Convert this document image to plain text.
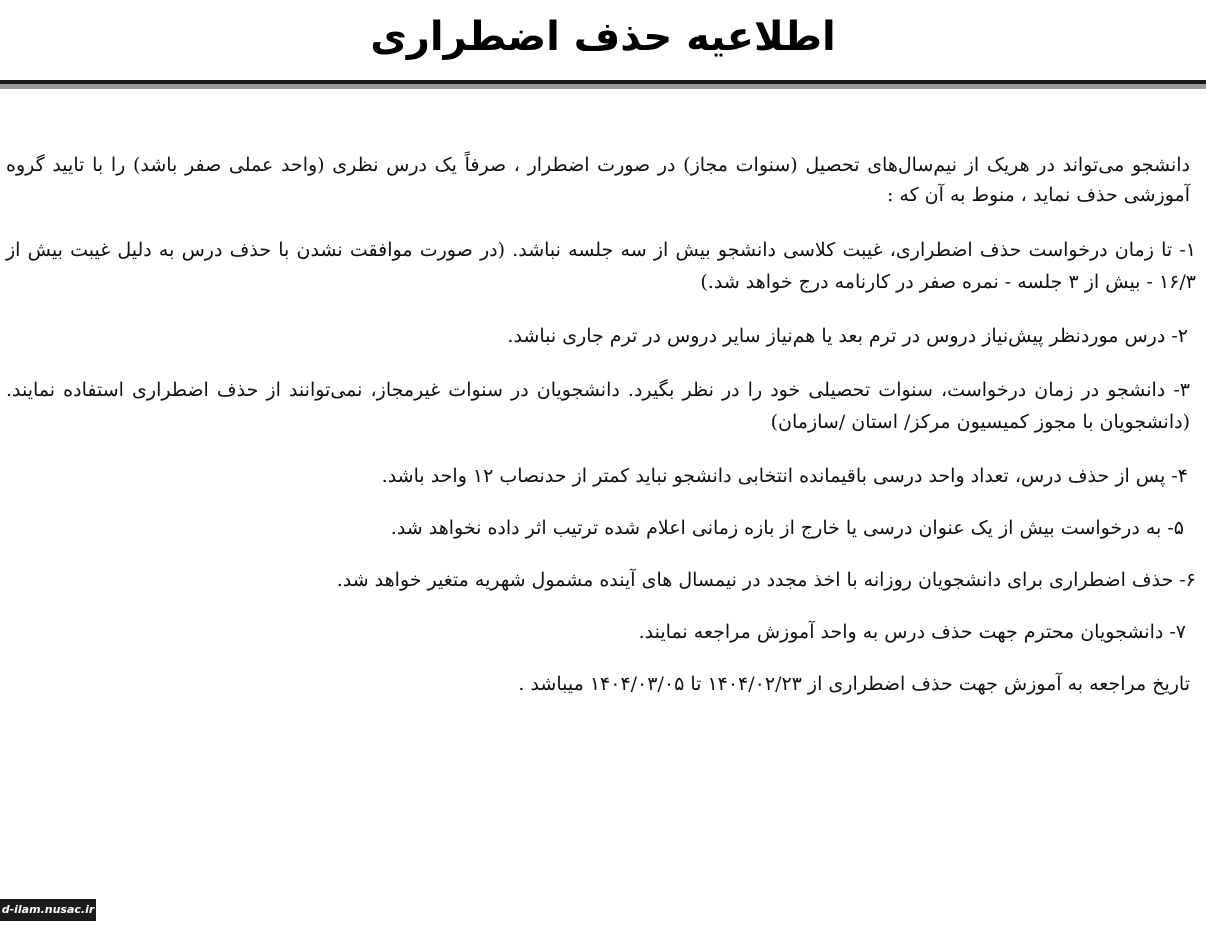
اطلاعیه حذف اضطراری

دانشجو می‌تواند در هریک از نیم‌سال‌های تحصیل (سنوات مجاز) در صورت اضطرار ، صرفاً یک درس نظری (واحد عملی صفر باشد) را با تایید گروه آموزشی حذف نماید ، منوط به آن که :

۱- تا زمان درخواست حذف اضطراری، غیبت کلاسی دانشجو بیش از سه جلسه نباشد. (در صورت موافقت نشدن با حذف درس به دلیل غیبت بیش از ۱۶/۳ - بیش از ۳ جلسه - نمره صفر در کارنامه درج خواهد شد.)

۲- درس موردنظر پیش‌نیاز دروس در ترم بعد یا هم‌نیاز سایر دروس در ترم جاری نباشد.

۳- دانشجو در زمان درخواست، سنوات تحصیلی خود را در نظر بگیرد. دانشجویان در سنوات غیرمجاز، نمی‌توانند از حذف اضطراری استفاده نمایند. (دانشجویان با مجوز کمیسیون مرکز/ استان /سازمان)

۴- پس از حذف درس، تعداد واحد درسی باقیمانده انتخابی دانشجو نباید کمتر از حدنصاب ۱۲ واحد باشد.

۵- به درخواست بیش از یک عنوان درسی یا خارج از بازه زمانی اعلام شده ترتیب اثر داده نخواهد شد.

۶- حذف اضطراری برای دانشجویان روزانه با اخذ مجدد در نیمسال های آینده مشمول شهریه متغیر خواهد شد.

۷- دانشجویان محترم جهت حذف درس به واحد آموزش مراجعه نمایند.

تاریخ مراجعه به آموزش جهت حذف اضطراری از ۱۴۰۴/۰۲/۲۳ تا ۱۴۰۴/۰۳/۰۵ میباشد .

d-ilam.nusac.ir
